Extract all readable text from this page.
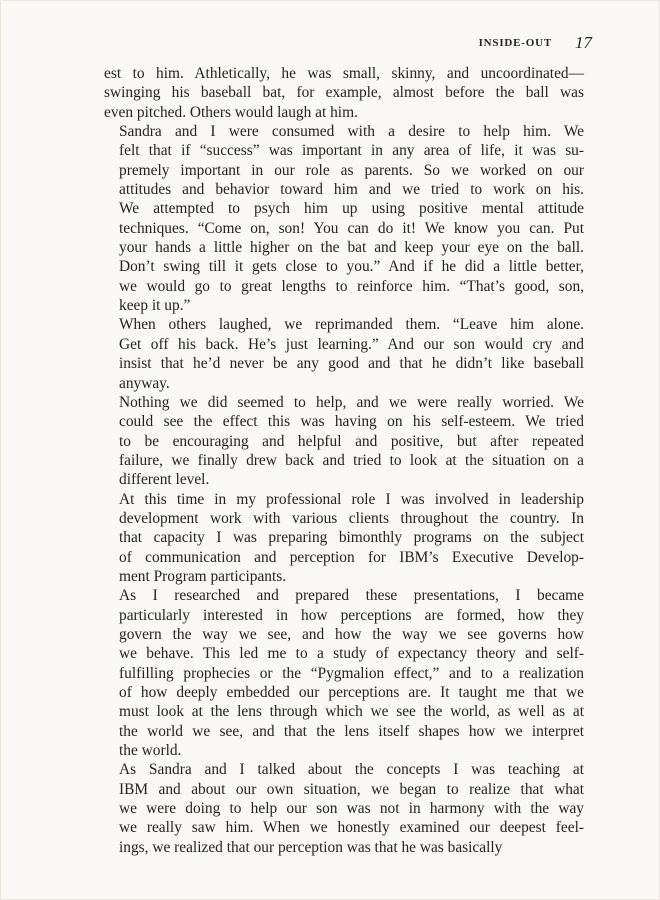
INSIDE-OUT 17

est to him. Athletically, he was small, skinny, and uncoordinated—
swinging his baseball bat, for example, almost before the ball was
even pitched. Others would laugh at him.

Sandra and I were consumed with a desire to help him. We
felt that if “success” was important in any area of life, it was su-
premely important in our role as parents. So we worked on our
attitudes and behavior toward him and we tried to work on his.
We attempted to psych him up using positive mental attitude
techniques. “Come on, son! You can do it! We know you can. Put
your hands a little higher on the bat and keep your eye on the ball.
Don’t swing till it gets close to you.” And if he did a little better,
we would go to great lengths to reinforce him. “That’s good, son,
keep it up.”

When others laughed, we reprimanded them. “Leave him alone.
Get off his back. He’s just learning.” And our son would cry and
insist that he’d never be any good and that he didn’t like baseball
anyway.

Nothing we did seemed to help, and we were really worried. We
could see the effect this was having on his self-esteem. We tried
to be encouraging and helpful and positive, but after repeated
failure, we finally drew back and tried to look at the situation on a
different level.

At this time in my professional role I was involved in leadership
development work with various clients throughout the country. In
that capacity I was preparing bimonthly programs on the subject
of communication and perception for IBM’s Executive Develop-
ment Program participants.

As I researched and prepared these presentations, I became
particularly interested in how perceptions are formed, how they
govern the way we see, and how the way we see governs how
we behave. This led me to a study of expectancy theory and self-
fulfilling prophecies or the “Pygmalion effect,” and to a realization
of how deeply embedded our perceptions are. It taught me that we
must look at the lens through which we see the world, as well as at
the world we see, and that the lens itself shapes how we interpret
the world.

As Sandra and I talked about the concepts I was teaching at
IBM and about our own situation, we began to realize that what
we were doing to help our son was not in harmony with the way
we really saw him. When we honestly examined our deepest feel-
ings, we realized that our perception was that he was basically
